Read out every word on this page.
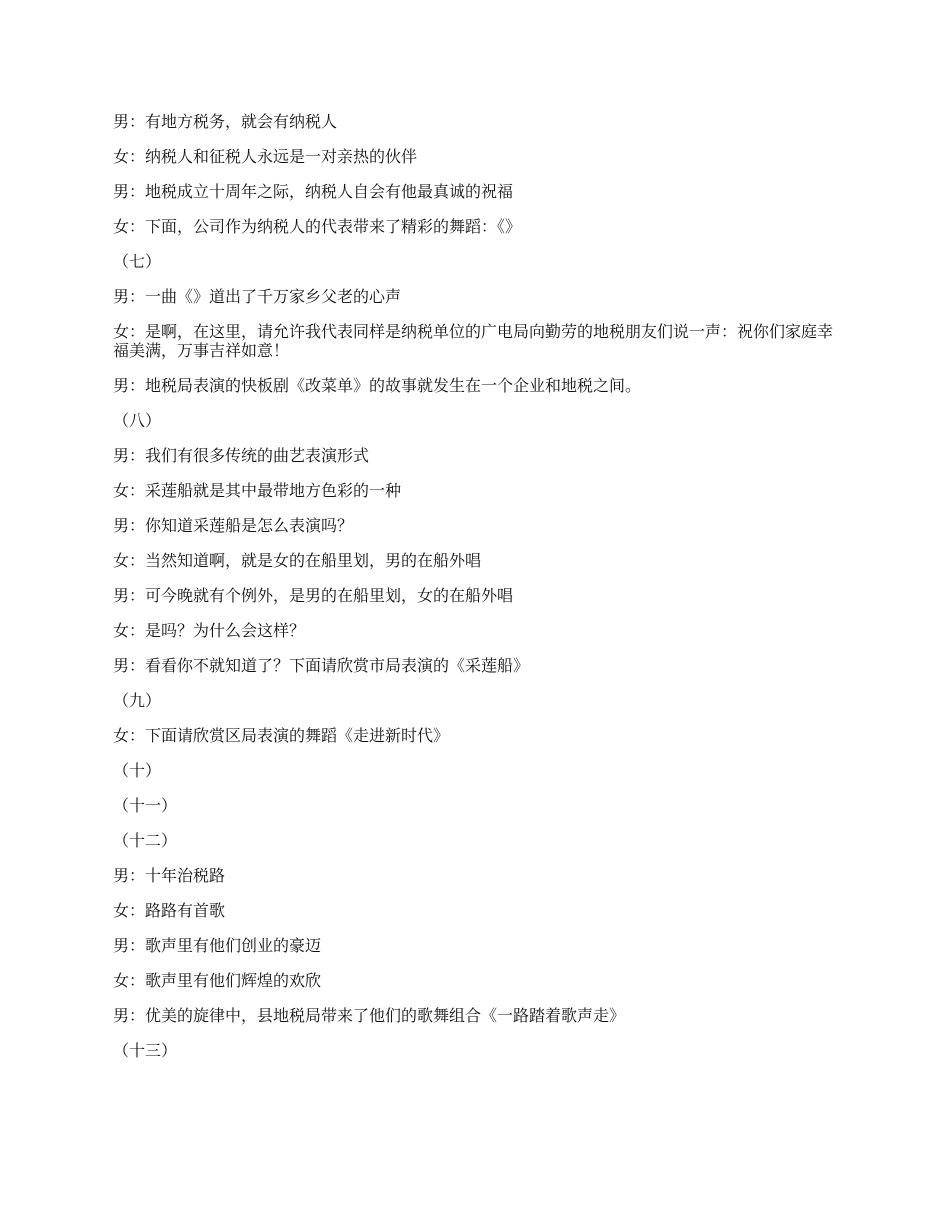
男：有地方税务，就会有纳税人

女：纳税人和征税人永远是一对亲热的伙伴

男：地税成立十周年之际，纳税人自会有他最真诚的祝福

女：下面，公司作为纳税人的代表带来了精彩的舞蹈：《》

（七）

男：一曲《》道出了千万家乡父老的心声

女：是啊，在这里，请允许我代表同样是纳税单位的广电局向勤劳的地税朋友们说一声：祝你们家庭幸福美满，万事吉祥如意！

男：地税局表演的快板剧《改菜单》的故事就发生在一个企业和地税之间。

（八）

男：我们有很多传统的曲艺表演形式

女：采莲船就是其中最带地方色彩的一种

男：你知道采莲船是怎么表演吗？

女：当然知道啊，就是女的在船里划，男的在船外唱

男：可今晚就有个例外，是男的在船里划，女的在船外唱

女：是吗？为什么会这样？

男：看看你不就知道了？下面请欣赏市局表演的《采莲船》

（九）

女：下面请欣赏区局表演的舞蹈《走进新时代》

（十）

（十一）

（十二）

男：十年治税路

女：路路有首歌

男：歌声里有他们创业的豪迈

女：歌声里有他们辉煌的欢欣

男：优美的旋律中，县地税局带来了他们的歌舞组合《一路踏着歌声走》

（十三）
